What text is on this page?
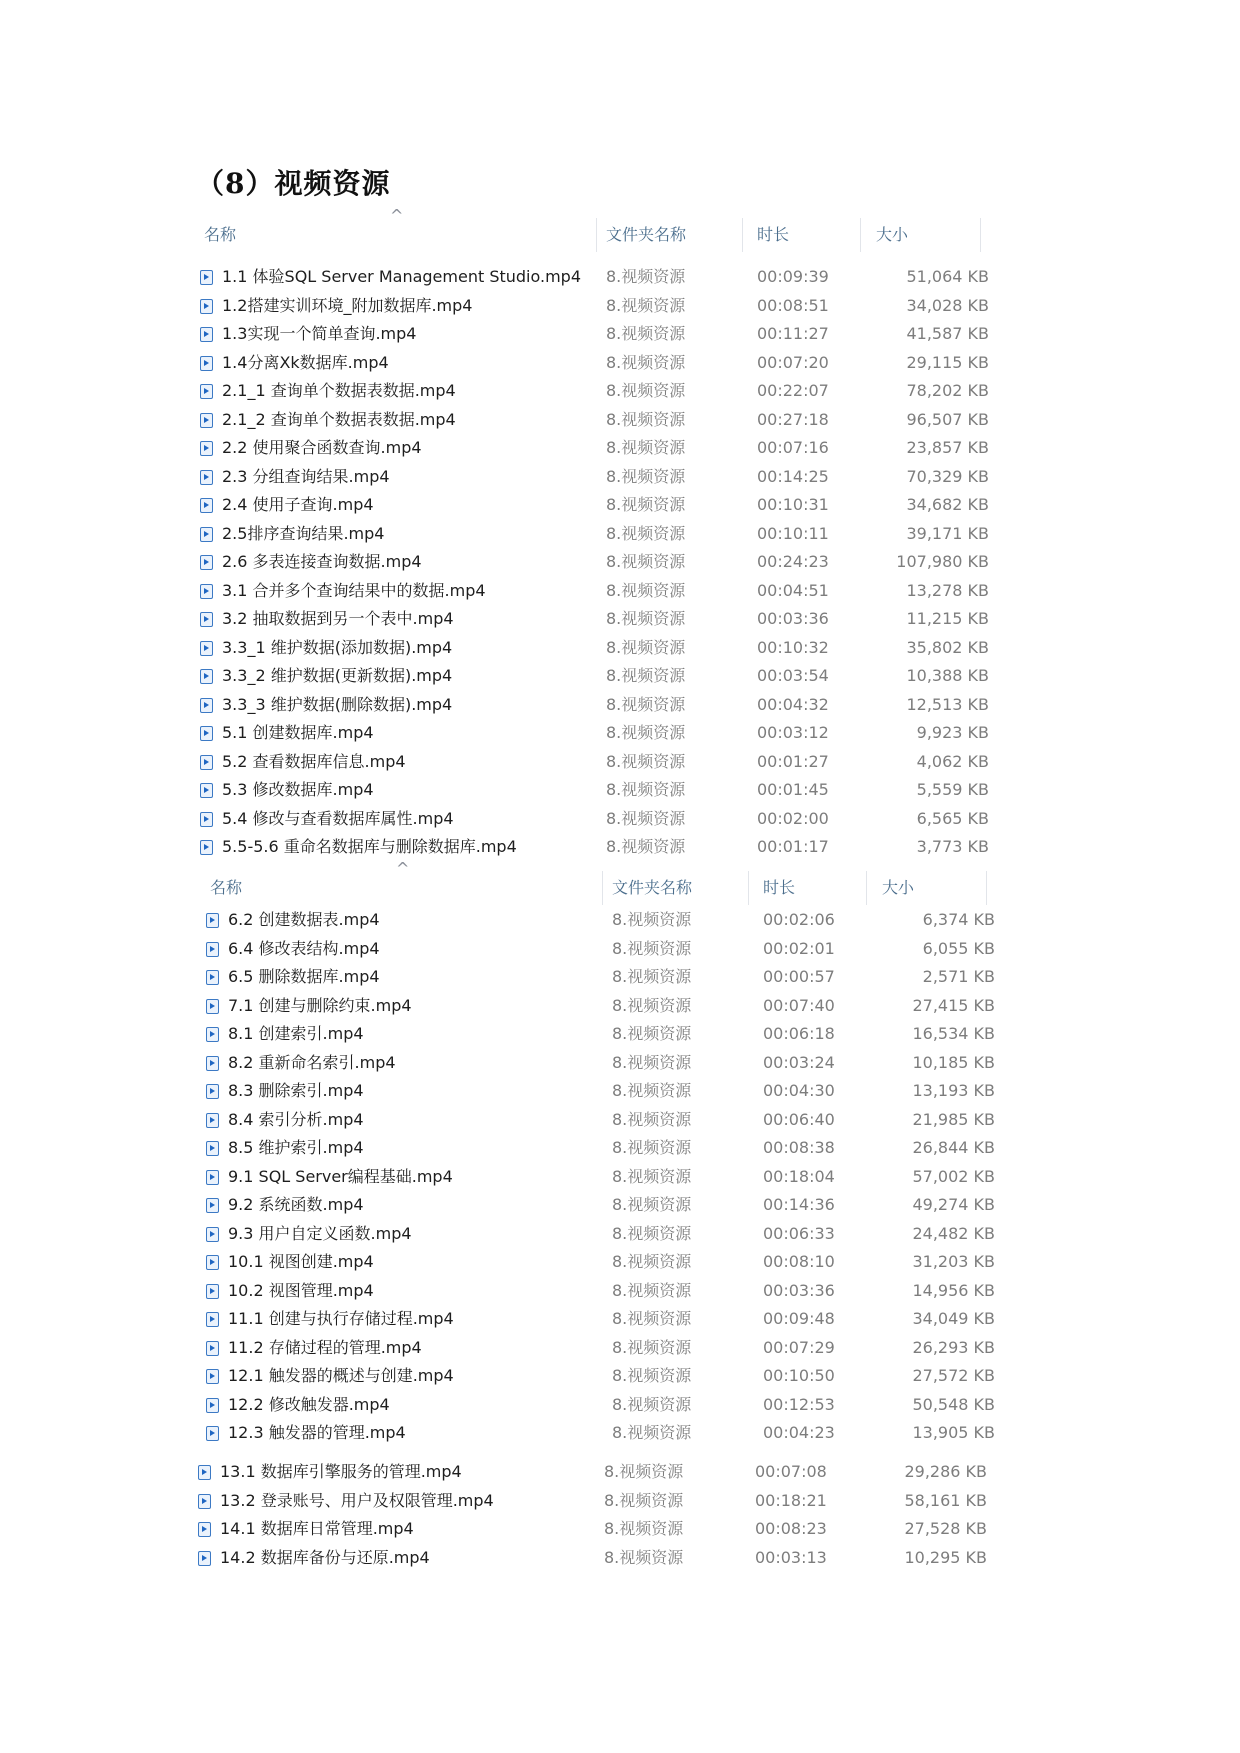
（8）视频资源
^
名称	文件夹名称	时长	大小
1.1 体验SQL Server Management Studio.mp4 8.视频资源	00:09:39	51,064 KB
1.2搭建实训环境_附加数据库.mp4	8.视频资源	00:08:51	34,028 KB
1.3实现一个简单查询.mp4	8.视频资源	00:11:27	41,587 KB
1.4分离Xk数据库.mp4	8.视频资源	00:07:20	29,115 KB
2.1_1 查询单个数据表数据.mp4	8.视频资源	00:22:07	78,202 KB
2.1_2 查询单个数据表数据.mp4	8.视频资源	00:27:18	96,507 KB
2.2 使用聚合函数查询.mp4	8.视频资源	00:07:16	23,857 KB
2.3 分组查询结果.mp4	8.视频资源	00:14:25	70,329 KB
2.4 使用子查询.mp4	8.视频资源	00:10:31	34,682 KB
2.5排序查询结果.mp4	8.视频资源	00:10:11	39,171 KB
2.6 多表连接查询数据.mp4	8.视频资源	00:24:23	107,980 KB
3.1 合并多个查询结果中的数据.mp4	8.视频资源	00:04:51	13,278 KB
3.2 抽取数据到另一个表中.mp4	8.视频资源	00:03:36	11,215 KB
3.3_1 维护数据(添加数据).mp4	8.视频资源	00:10:32	35,802 KB
3.3_2 维护数据(更新数据).mp4	8.视频资源	00:03:54	10,388 KB
3.3_3 维护数据(删除数据).mp4	8.视频资源	00:04:32	12,513 KB
5.1 创建数据库.mp4	8.视频资源	00:03:12	9,923 KB
5.2 查看数据库信息.mp4	8.视频资源	00:01:27	4,062 KB
5.3 修改数据库.mp4	8.视频资源	00:01:45	5,559 KB
5.4 修改与查看数据库属性.mp4	8.视频资源	00:02:00	6,565 KB
5.5-5.6 重命名数据库与删除数据库.mp4	8.视频资源	00:01:17	3,773 KB
^
名称	文件夹名称	时长	大小
6.2 创建数据表.mp4	8.视频资源	00:02:06	6,374 KB
6.4 修改表结构.mp4	8.视频资源	00:02:01	6,055 KB
6.5 删除数据库.mp4	8.视频资源	00:00:57	2,571 KB
7.1 创建与删除约束.mp4	8.视频资源	00:07:40	27,415 KB
8.1 创建索引.mp4	8.视频资源	00:06:18	16,534 KB
8.2 重新命名索引.mp4	8.视频资源	00:03:24	10,185 KB
8.3 删除索引.mp4	8.视频资源	00:04:30	13,193 KB
8.4 索引分析.mp4	8.视频资源	00:06:40	21,985 KB
8.5 维护索引.mp4	8.视频资源	00:08:38	26,844 KB
9.1 SQL Server编程基础.mp4	8.视频资源	00:18:04	57,002 KB
9.2 系统函数.mp4	8.视频资源	00:14:36	49,274 KB
9.3 用户自定义函数.mp4	8.视频资源	00:06:33	24,482 KB
10.1 视图创建.mp4	8.视频资源	00:08:10	31,203 KB
10.2 视图管理.mp4	8.视频资源	00:03:36	14,956 KB
11.1 创建与执行存储过程.mp4	8.视频资源	00:09:48	34,049 KB
11.2 存储过程的管理.mp4	8.视频资源	00:07:29	26,293 KB
12.1 触发器的概述与创建.mp4	8.视频资源	00:10:50	27,572 KB
12.2 修改触发器.mp4	8.视频资源	00:12:53	50,548 KB
12.3 触发器的管理.mp4	8.视频资源	00:04:23	13,905 KB
13.1 数据库引擎服务的管理.mp4	8.视频资源	00:07:08	29,286 KB
13.2 登录账号、用户及权限管理.mp4	8.视频资源	00:18:21	58,161 KB
14.1 数据库日常管理.mp4	8.视频资源	00:08:23	27,528 KB
14.2 数据库备份与还原.mp4	8.视频资源	00:03:13	10,295 KB
